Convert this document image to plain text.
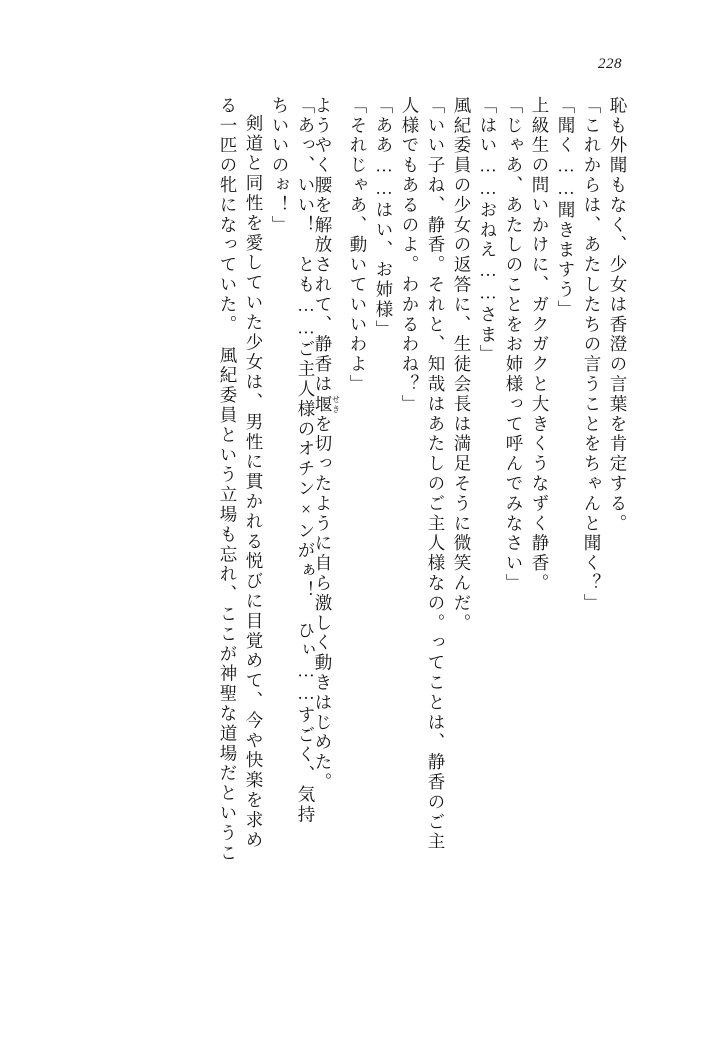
228
恥も外聞もなく、少女は香澄の言葉を肯定する。
「これからは、あたしたちの言うことをちゃんと聞く？」
「聞く……聞きますう」
上級生の問いかけに、ガクガクと大きくうなずく静香。
「じゃあ、あたしのことをお姉様って呼んでみなさい」
「はい……おねえ……さま」
風紀委員の少女の返答に、生徒会長は満足そうに微笑んだ。
「いい子ね、静香。それと、知哉はあたしのご主人様なの。ってことは、静香のご主
人様でもあるのよ。わかるわね？」
「ああ……はい、お姉様」
「それじゃあ、動いていいわよ」
ようやく腰を解放されて、静香は堰せきを切ったように自ら激しく動きはじめた。
「あっ、いい！　とも……ご主人様のオチン×ンがぁ！　ひぃ……すごく、気持
ちいいのぉ！」
剣道と同性を愛していた少女は、男性に貫かれる悦びに目覚めて、今や快楽を求め
る一匹の牝になっていた。　風紀委員という立場も忘れ、ここが神聖な道場だというこ
